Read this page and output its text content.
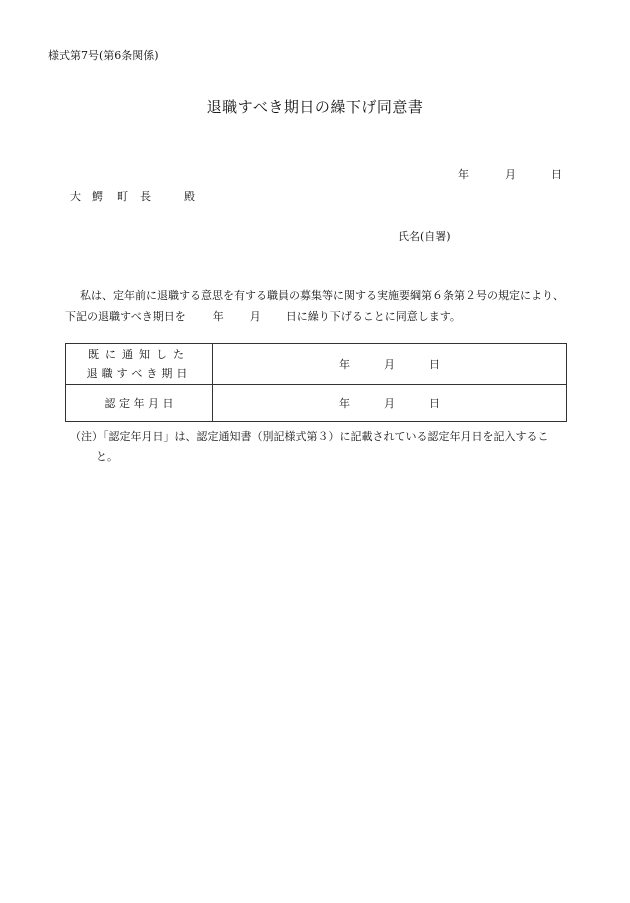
様式第7号(第6条関係)
退職すべき期日の繰下げ同意書
年	月	日
大 鰐 町 長	殿
氏名(自署)
私は、定年前に退職する意思を有する職員の募集等に関する実施要綱第６条第２号の規定により、
下記の退職すべき期日を 年 月 日に繰り下げることに同意します。
既に通知した
退職すべき期日	年 月 日
認 定 年 月 日	年 月 日
（注）「認定年月日」は、認定通知書（別記様式第３）に記載されている認定年月日を記入するこ
と。
